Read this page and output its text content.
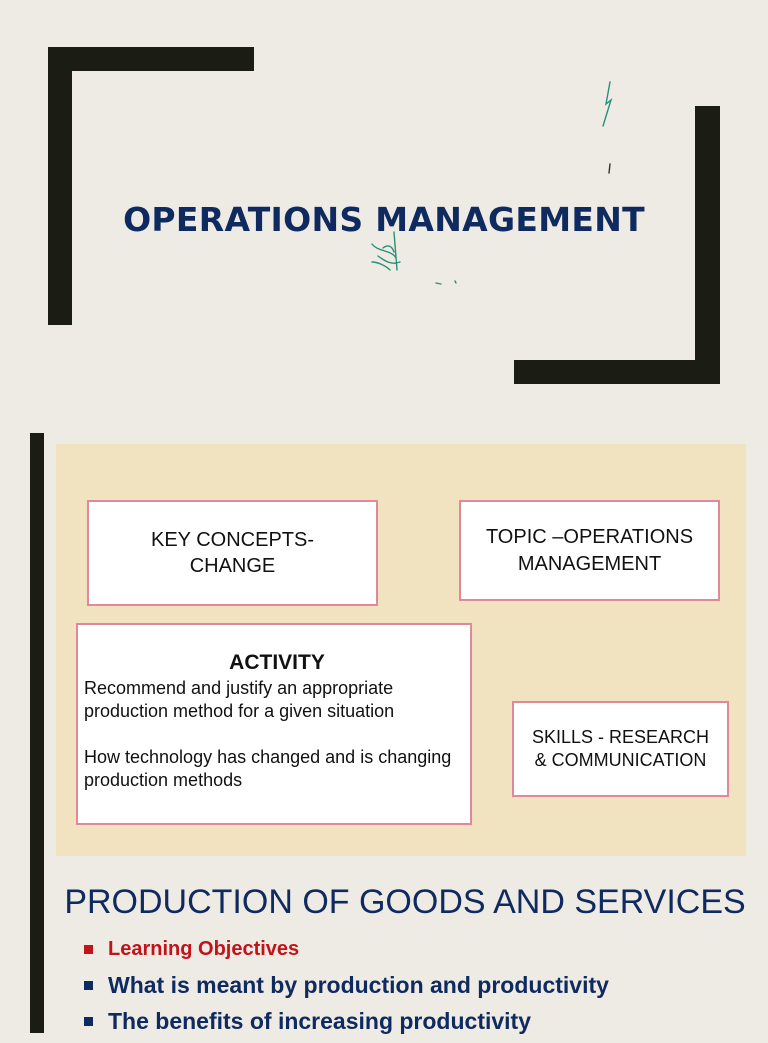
OPERATIONS MANAGEMENT
KEY CONCEPTS-
CHANGE
TOPIC –OPERATIONS
MANAGEMENT
ACTIVITY

Recommend and justify an appropriate production method for a given situation

How technology has changed and is changing production methods

SKILLS - RESEARCH
& COMMUNICATION
PRODUCTION OF GOODS AND SERVICES
Learning Objectives
What is meant by production and productivity
The benefits of increasing productivity
